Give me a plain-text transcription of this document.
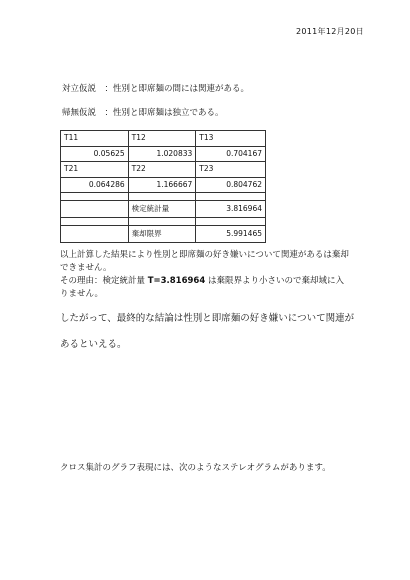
2011年12月20日
対立仮説　：性別と即席麺の間には関連がある。
帰無仮説　：性別と即席麺は独立である。
T11	T12	T13
0.05625	1.020833	0.704167
T21	T22	T23
0.064286	1.166667	0.804762

	検定統計量	3.816964

	棄却限界	5.991465
以上計算した結果により性別と即席麺の好き嫌いについて関連があるは棄却できません。
その理由：検定統計量 T=3.816964 は棄限界より小さいので棄却域に入りません。
したがって、最終的な結論は性別と即席麺の好き嫌いについて関連があるといえる。
クロス集計のグラフ表現には、次のようなステレオグラムがあります。
